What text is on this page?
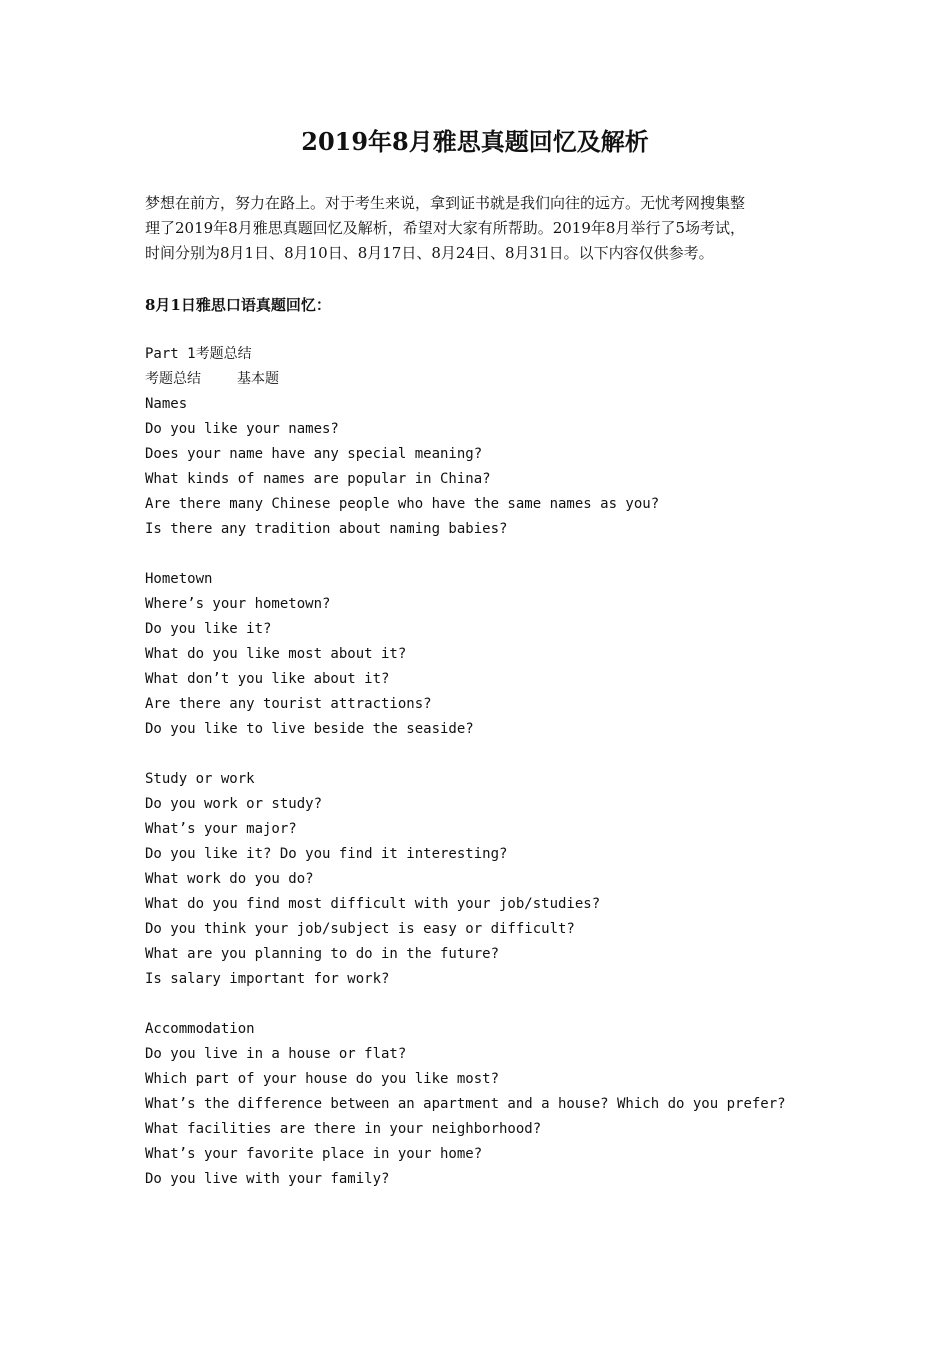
2019年8月雅思真题回忆及解析
梦想在前方，努力在路上。对于考生来说，拿到证书就是我们向往的远方。无忧考网搜集整
理了2019年8月雅思真题回忆及解析，希望对大家有所帮助。2019年8月举行了5场考试，
时间分别为8月1日、8月10日、8月17日、8月24日、8月31日。以下内容仅供参考。
8月1日雅思口语真题回忆：
Part 1考题总结
考题总结	基本题
Names
Do you like your names?
Does your name have any special meaning?
What kinds of names are popular in China?
Are there many Chinese people who have the same names as you?
Is there any tradition about naming babies?
Hometown
Where’s your hometown?
Do you like it?
What do you like most about it?
What don’t you like about it?
Are there any tourist attractions?
Do you like to live beside the seaside?
Study or work
Do you work or study?
What’s your major?
Do you like it? Do you find it interesting?
What work do you do?
What do you find most difficult with your job/studies?
Do you think your job/subject is easy or difficult?
What are you planning to do in the future?
Is salary important for work?
Accommodation
Do you live in a house or flat?
Which part of your house do you like most?
What’s the difference between an apartment and a house? Which do you prefer?
What facilities are there in your neighborhood?
What’s your favorite place in your home?
Do you live with your family?
